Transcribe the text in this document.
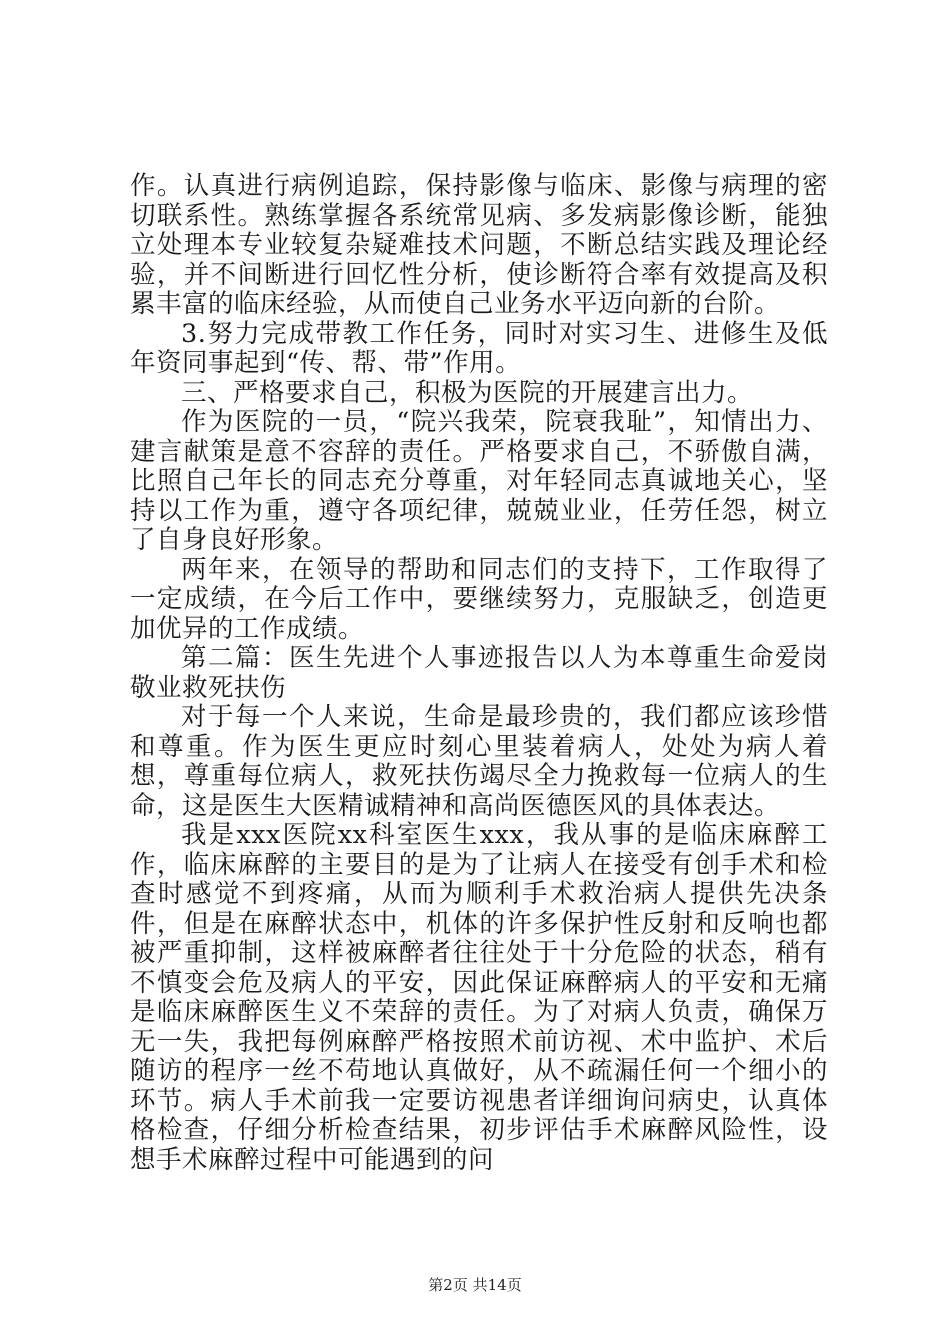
作。认真进行病例追踪，保持影像与临床、影像与病理的密切联系性。熟练掌握各系统常见病、多发病影像诊断，能独立处理本专业较复杂疑难技术问题，不断总结实践及理论经验，并不间断进行回忆性分析，使诊断符合率有效提高及积累丰富的临床经验，从而使自己业务水平迈向新的台阶。

3.努力完成带教工作任务，同时对实习生、进修生及低年资同事起到“传、帮、带”作用。

三、严格要求自己，积极为医院的开展建言出力。

作为医院的一员，“院兴我荣，院衰我耻”，知情出力、建言献策是意不容辞的责任。严格要求自己，不骄傲自满，比照自己年长的同志充分尊重，对年轻同志真诚地关心，坚持以工作为重，遵守各项纪律，兢兢业业，任劳任怨，树立了自身良好形象。

两年来，在领导的帮助和同志们的支持下，工作取得了一定成绩，在今后工作中，要继续努力，克服缺乏，创造更加优异的工作成绩。

第二篇：医生先进个人事迹报告以人为本尊重生命爱岗敬业救死扶伤

对于每一个人来说，生命是最珍贵的，我们都应该珍惜和尊重。作为医生更应时刻心里装着病人，处处为病人着想，尊重每位病人，救死扶伤竭尽全力挽救每一位病人的生命，这是医生大医精诚精神和高尚医德医风的具体表达。

我是xxx医院xx科室医生xxx，我从事的是临床麻醉工作，临床麻醉的主要目的是为了让病人在接受有创手术和检查时感觉不到疼痛，从而为顺利手术救治病人提供先决条件，但是在麻醉状态中，机体的许多保护性反射和反响也都被严重抑制，这样被麻醉者往往处于十分危险的状态，稍有不慎变会危及病人的平安，因此保证麻醉病人的平安和无痛是临床麻醉医生义不荣辞的责任。为了对病人负责，确保万无一失，我把每例麻醉严格按照术前访视、术中监护、术后随访的程序一丝不苟地认真做好，从不疏漏任何一个细小的环节。病人手术前我一定要访视患者详细询问病史，认真体格检查，仔细分析检查结果，初步评估手术麻醉风险性，设想手术麻醉过程中可能遇到的问

第2页 共14页
